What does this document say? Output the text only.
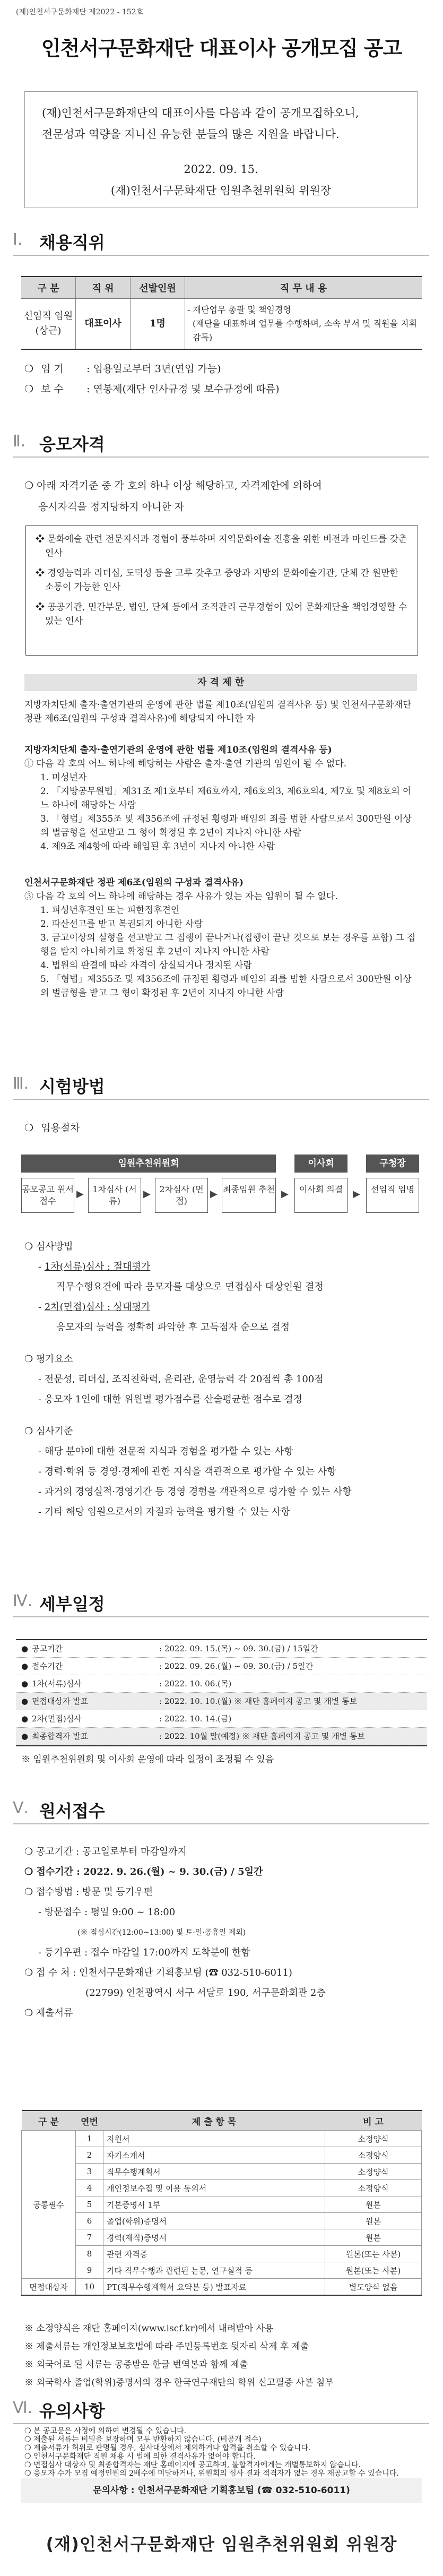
(제)인천서구문화재단 제2022 - 152호
인천서구문화재단 대표이사 공개모집 공고
(재)인천서구문화재단의 대표이사를 다음과 같이 공개모집하오니,
전문성과 역량을 지니신 유능한 분들의 많은 지원을 바랍니다.
2022. 09. 15.
(재)인천서구문화재단 임원추천위원회 위원장
Ⅰ. 채용직위
구 분	직 위	선발인원	직 무 내 용
선임직 임원 (상근)	대표이사	1명	- 재단업무 총괄 및 책임경영
(재단을 대표하며 업무를 수행하며, 소속 부서 및 직원을 지휘 감독)
❍ 임 기 : 임용일로부터 3년(연임 가능)
❍ 보 수 : 연봉제(재단 인사규정 및 보수규정에 따름)
Ⅱ. 응모자격
❍ 아래 자격기준 중 각 호의 하나 이상 해당하고, 자격제한에 의하여
응시자격을 정지당하지 아니한 자
❖ 문화예술 관련 전문지식과 경험이 풍부하며 지역문화예술 진흥을 위한 비전과 마인드를 갖춘 인사
❖ 경영능력과 리더십, 도덕성 등을 고루 갖추고 중앙과 지방의 문화예술기관, 단체 간 원만한 소통이 가능한 인사
❖ 공공기관, 민간부문, 법인, 단체 등에서 조직관리 근무경험이 있어 문화재단을 책임경영할 수 있는 인사
자 격 제 한
지방자치단체 출자·출연기관의 운영에 관한 법률 제10조(임원의 결격사유 등) 및 인천서구문화재단 정관 제6조(임원의 구성과 결격사유)에 해당되지 아니한 자
지방자치단체 출자·출연기관의 운영에 관한 법률 제10조(임원의 결격사유 등)
① 다음 각 호의 어느 하나에 해당하는 사람은 출자·출연 기관의 임원이 될 수 없다.
1. 미성년자
2. 「지방공무원법」제31조 제1호부터 제6호까지, 제6호의3, 제6호의4, 제7호 및 제8호의 어느 하나에 해당하는 사람
3. 「형법」제355조 및 제356조에 규정된 횡령과 배임의 죄를 범한 사람으로서 300만원 이상의 벌금형을 선고받고 그 형이 확정된 후 2년이 지나지 아니한 사람
4. 제9조 제4항에 따라 해임된 후 3년이 지나지 아니한 사람
인천서구문화재단 정관 제6조(임원의 구성과 결격사유)
③ 다음 각 호의 어느 하나에 해당하는 경우 사유가 있는 자는 임원이 될 수 없다.
1. 피성년후견인 또는 피한정후견인
2. 파산선고를 받고 복권되지 아니한 사람
3. 금고이상의 실형을 선고받고 그 집행이 끝나거나(집행이 끝난 것으로 보는 경우를 포함) 그 집행을 받지 아니하기로 확정된 후 2년이 지나지 아니한 사람
4. 법원의 판결에 따라 자격이 상실되거나 정지된 사람
5. 「형법」제355조 및 제356조에 규정된 횡령과 배임의 죄를 범한 사람으로서 300만원 이상의 벌금형을 받고 그 형이 확정된 후 2년이 지나지 아니한 사람
Ⅲ. 시험방법
❍ 임용절차
임원추천위원회
공모공고 원서접수
▶	1차심사 (서류)
▶	2차심사 (면접)
▶ 최종임원 추천 ▶
이사회
이사회 의결	▶
구청장
선임직 임명
❍ 심사방법
- 1차(서류)심사 : 절대평가
직무수행요건에 따라 응모자를 대상으로 면접심사 대상인원 결정
- 2차(면접)심사 : 상대평가
응모자의 능력을 정확히 파악한 후 고득점자 순으로 결정
❍ 평가요소
- 전문성, 리더십, 조직친화력, 윤리관, 운영능력 각 20점씩 총 100점
- 응모자 1인에 대한 위원별 평가점수를 산술평균한 점수로 결정
❍ 심사기준
- 해당 분야에 대한 전문적 지식과 경험을 평가할 수 있는 사항
- 경력·학위 등 경영·경제에 관한 지식을 객관적으로 평가할 수 있는 사항
- 과거의 경영실적·경영기간 등 경영 경험을 객관적으로 평가할 수 있는 사항
- 기타 해당 임원으로서의 자질과 능력을 평가할 수 있는 사항
Ⅳ. 세부일정
● 공고기간	: 2022. 09. 15.(목) ~ 09. 30.(금) / 15일간
● 접수기간	: 2022. 09. 26.(월) ~ 09. 30.(금) / 5일간
● 1차(서류)심사	: 2022. 10. 06.(목)
● 면접대상자 발표	: 2022. 10. 10.(월) ※ 재단 홈페이지 공고 및 개별 통보
● 2차(면접)심사	: 2022. 10. 14.(금)
● 최종합격자 발표	: 2022. 10월 말(예정) ※ 재단 홈페이지 공고 및 개별 통보
※ 임원추천위원회 및 이사회 운영에 따라 일정이 조정될 수 있음
Ⅴ. 원서접수
❍ 공고기간 : 공고일로부터 마감일까지
❍ 접수기간 : 2022. 9. 26.(월) ~ 9. 30.(금) / 5일간
❍ 접수방법 : 방문 및 등기우편
- 방문접수 : 평일 9:00 ~ 18:00
(※ 점심시간(12:00~13:00) 및 토·일·공휴일 제외)
- 등기우편 : 접수 마감일 17:00까지 도착분에 한함
❍ 접 수 처 : 인천서구문화재단 기획홍보팀 (☎ 032-510-6011)
(22799) 인천광역시 서구 서달로 190, 서구문화회관 2층
❍ 제출서류
구 분	연번	제 출 항 목	비 고
공통필수	1	지원서	소정양식
	2	자기소개서	소정양식
	3	직무수행계획서	소정양식
	4	개인정보수집 및 이용 동의서	소정양식
	5	기본증명서 1부	원본
	6	졸업(학위)증명서	원본
	7	경력(재직)증명서	원본
	8	관련 자격증	원본(또는 사본)
	9	기타 직무수행과 관련된 논문, 연구실적 등	원본(또는 사본)
면접대상자	10	PT(직무수행계획서 요약본 등) 발표자료	별도양식 없음
※ 소정양식은 재단 홈페이지(www.iscf.kr)에서 내려받아 사용
※ 제출서류는 개인정보보호법에 따라 주민등록번호 뒷자리 삭제 후 제출
※ 외국어로 된 서류는 공증받은 한글 번역본과 함께 제출
※ 외국학사 졸업(학위)증명서의 경우 한국연구재단의 학위 신고필증 사본 첨부
Ⅵ. 유의사항
❍ 본 공고문은 사정에 의하여 변경될 수 있습니다.
❍ 제출된 서류는 비밀을 보장하며 모두 반환하지 않습니다. (비공개 접수)
❍ 제출서류가 허위로 판명될 경우, 심사대상에서 제외하거나 합격을 취소할 수 있습니다.
❍ 인천서구문화재단 직원 채용 시 법에 의한 결격사유가 없어야 합니다.
❍ 면접심사 대상자 및 최종합격자는 재단 홈페이지에 공고하며, 불합격자에게는 개별통보하지 않습니다.
❍ 응모자 수가 모집 예정인원의 2배수에 미달하거나, 위원회의 심사 결과 적격자가 없는 경우 재공고할 수 있습니다.
문의사항 : 인천서구문화재단 기획홍보팀 (☎ 032-510-6011)
(재)인천서구문화재단 임원추천위원회 위원장
